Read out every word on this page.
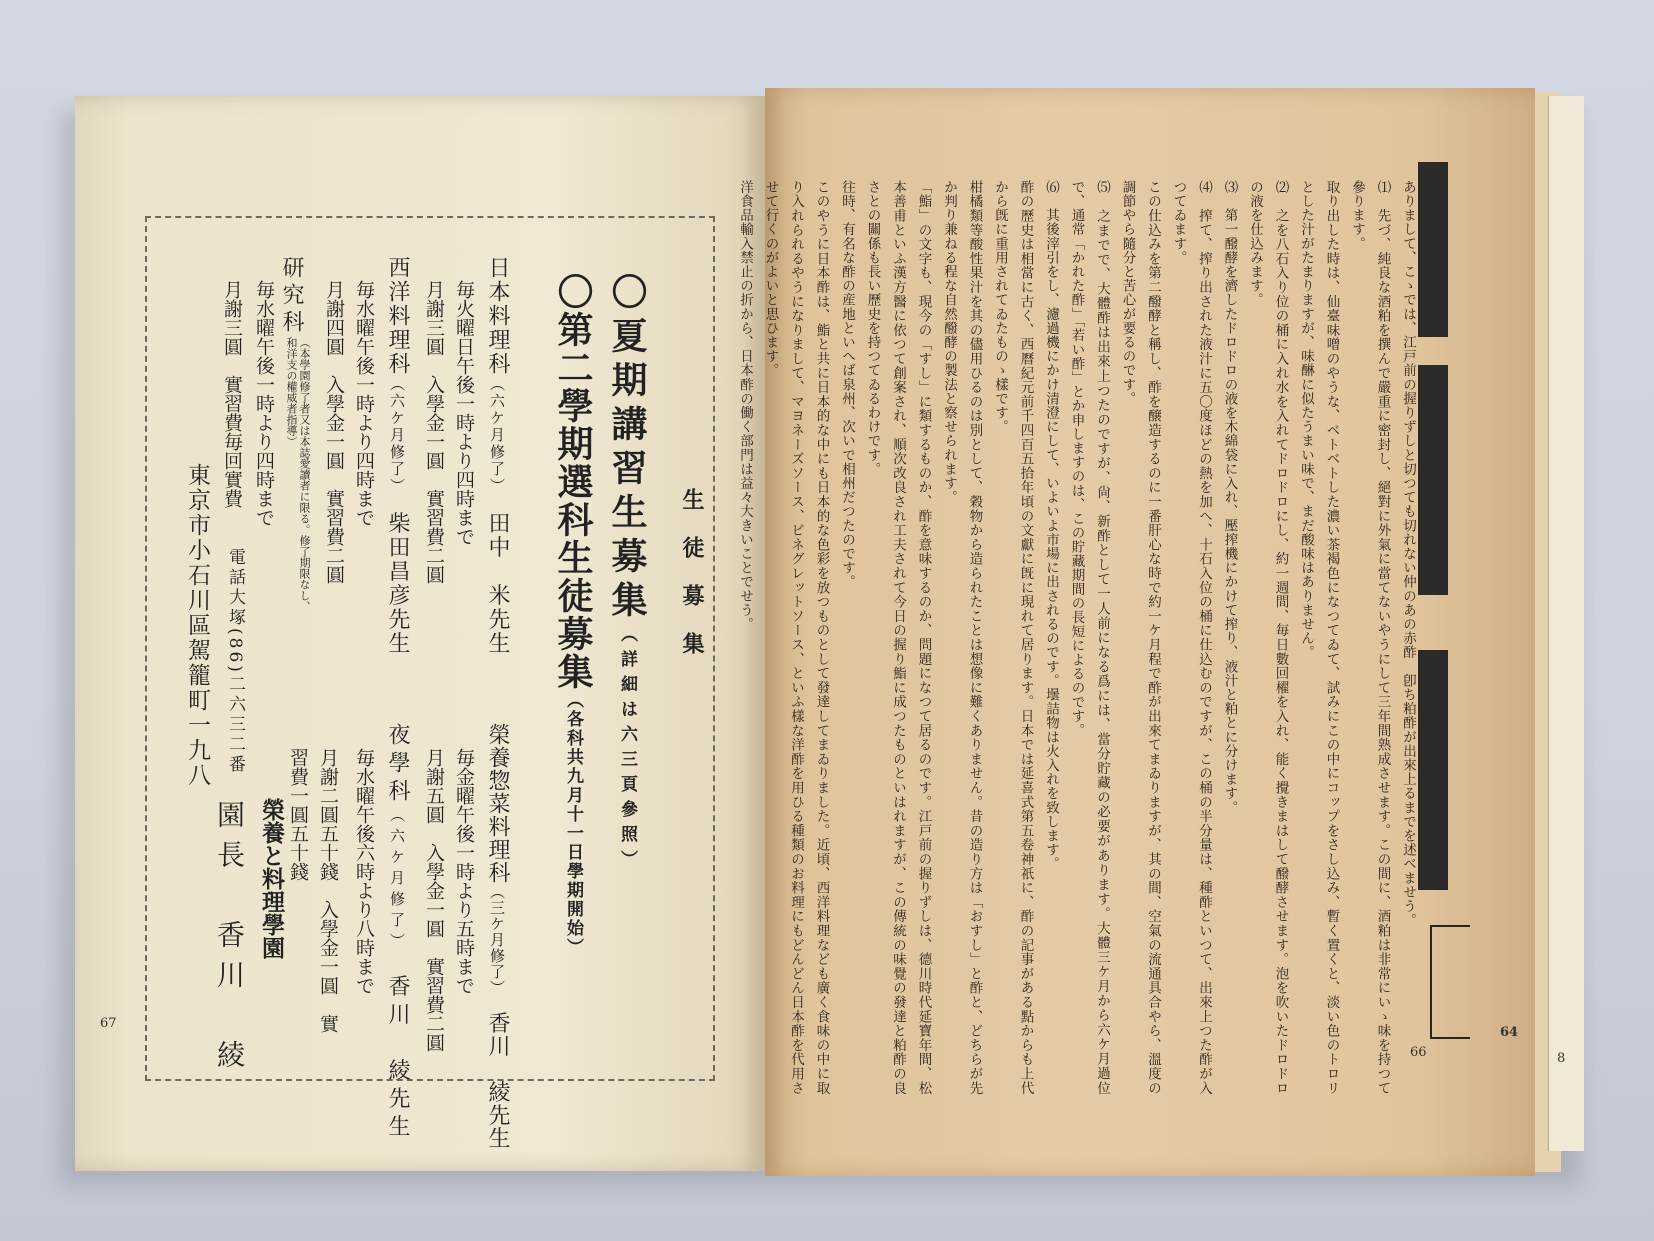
8
生徒募集
〇夏期講習生募集（詳細は六三頁參照）
〇第二學期選科生徒募集（各科共九月十一日學期開始）
日本料理科（六ケ月修了）　田中　米先生
毎火曜日午後一時より四時まで
月謝三圓　入學金一圓　實習費二圓
西洋料理科（六ケ月修了）　柴田昌彦先生
毎水曜午後一時より四時まで
月謝四圓　入學金一圓　實習費二圓
研究科（本學園修了者又は本誌愛讀者に限る。修了期限なし、和洋支の權威者指導）
毎水曜午後一時より四時まで
月謝三圓　實習費毎回實費
榮養惣菜料理科（三ケ月修了）　香川　綾先生
毎金曜午後一時より五時まで
月謝五圓　入學金一圓　實習費二圓
夜學科（六ケ月修了）　香川　綾先生
毎水曜午後六時より八時まで
月謝二圓五十錢　入學金一圓　實習費一圓五十錢
東京市小石川區駕籠町一九八 電話大塚(86)二六三二番
榮養と料理學園
園長　香川　綾
67

ありまして、こゝでは、江戸前の握りずしと切つても切れない仲のあの赤酢　卽ち粕酢が出來上るまでを述べませう。

⑴　先づ、純良な酒粕を撰んで嚴重に密封し、絕對に外氣に當てないやうにして三年間熟成させます。この間に、酒粕は非常にいゝ味を持つて參ります。

取り出した時は、仙臺味噌のやうな、ベトベトした濃い茶褐色になつてゐて、試みにこの中にコップをさし込み、暫く置くと、淡い色のトロリとした汁がたまりますが、味醂に似たうまい味で、まだ酸味はありません。

⑵　之を八石入り位の桶に入れ水を入れてドロドロにし、約一週間、毎日數回櫂を入れ、能く攪きまはして醱酵させます。泡を吹いたドロドロの液を仕込みます。

⑶　第一醱酵を濟したドロドロの液を木綿袋に入れ、壓搾機にかけて搾り、液汁と粕とに分けます。

⑷　搾て、搾り出された液汁に五〇度ほどの熱を加へ、十石入位の桶に仕込むのですが、この桶の半分量は、種酢といつて、出來上つた酢が入つてゐます。

この仕込みを第二醱酵と稱し、酢を醸造するのに一番肝心な時で約一ケ月程で酢が出來てまゐりますが、其の間、空氣の流通具合やら、溫度の調節やら隨分と苦心が要るのです。

⑸　之までで、大體酢は出來上つたのですが、尙、新酢として一人前になる爲には、當分貯藏の必要があります。大體三ケ月から六ケ月過位で、通常「かれた酢」「若い酢」とか申しますのは、この貯藏期間の長短によるのです。

⑹　其後滓引をし、濾過機にかけ清澄にして、いよいよ市場に出されるのです。壜詰物は火入れを致します。

酢の歷史は相當に古く、西曆紀元前千四百五拾年頃の文獻に旣に現れて居ります。日本では延喜式第五卷神祇に、酢の記事がある點からも上代から旣に重用されてゐたものゝ樣です。

柑橘類等酸性果汁を其の儘用ひるのは別として、穀物から造られたことは想像に難くありません。昔の造り方は「おすし」と酢と、どちらが先か判り兼ねる程な自然醱酵の製法と察せられます。

「鮨」の文字も、現今の「すし」に類するものか、酢を意味するのか、問題になつて居るのです。江戸前の握りずしは、德川時代延寶年間、松本善甫といふ漢方醫に依つて創案され、順次改良され工夫されて今日の握り鮨に成つたものといはれますが、この傳統の味覺の發達と粕酢の良さとの關係も長い歷史を持つてゐるわけです。

往時、有名な酢の産地といへば泉州、次いで相州だつたのです。

このやうに日本酢は、鮨と共に日本的な中にも日本的な色彩を放つものとして發達してまゐりました。近頃、西洋料理なども廣く食味の中に取り入れられるやうになりまして、マヨネーズソース、ビネグレットソース、といふ樣な洋酢を用ひる種類のお料理にもどんどん日本酢を代用させて行くのがよいと思ひます。

洋食品輸入禁止の折から、日本酢の働く部門は益々大きいことでせう。

66
64
